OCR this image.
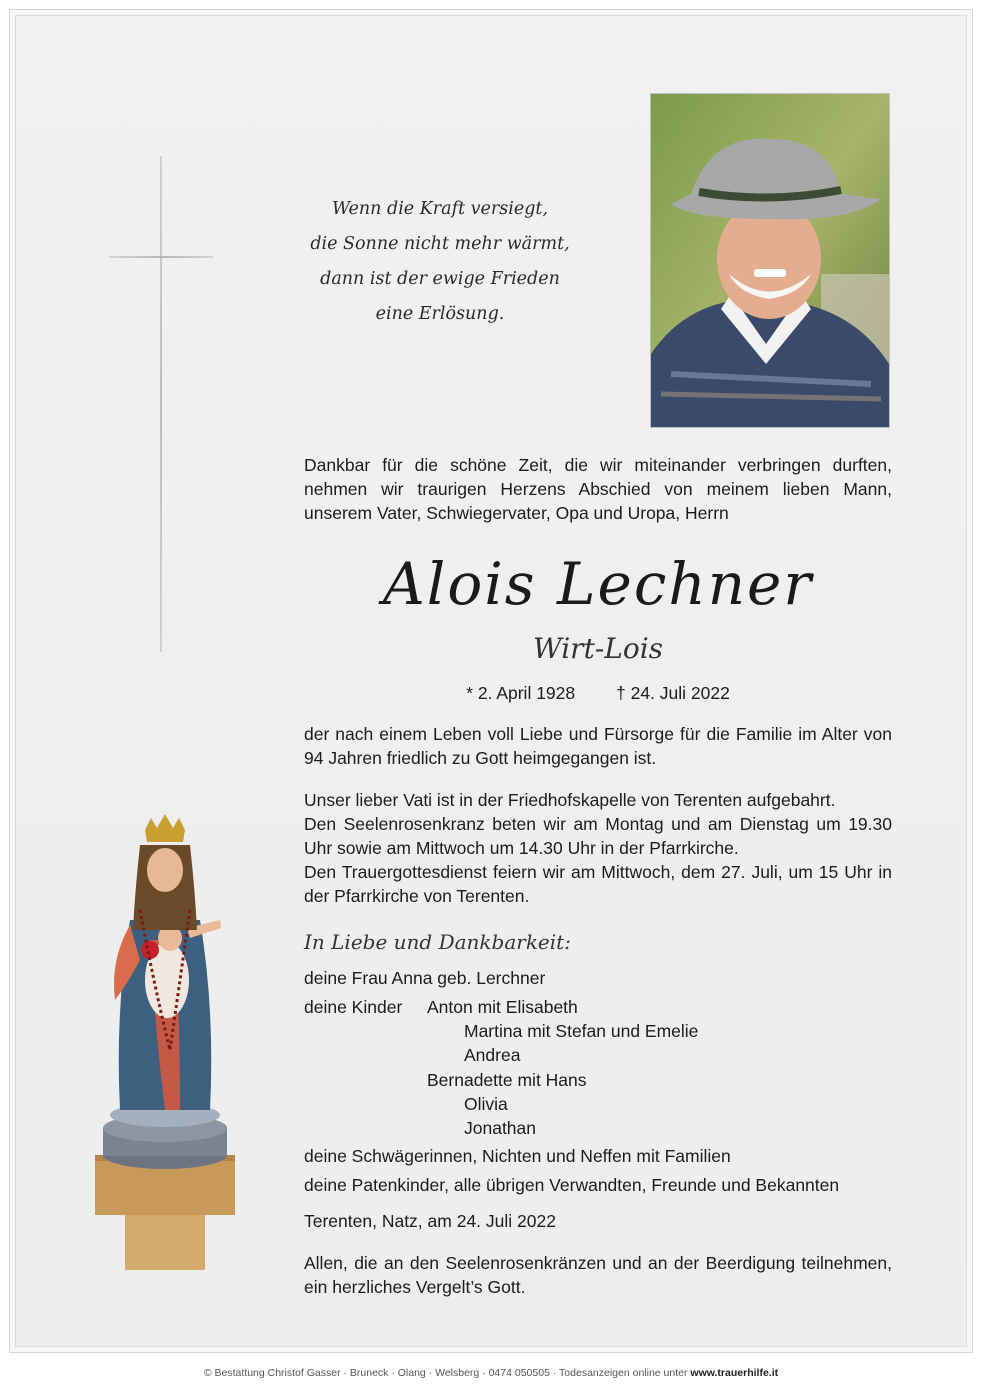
Wenn die Kraft versiegt,
die Sonne nicht mehr wärmt,
dann ist der ewige Frieden
eine Erlösung.
Dankbar für die schöne Zeit, die wir miteinander verbringen durften, nehmen wir traurigen Herzens Abschied von meinem lieben Mann, unserem Vater, Schwiegervater, Opa und Uropa, Herrn
Alois Lechner
Wirt-Lois
* 2. April 1928 † 24. Juli 2022
der nach einem Leben voll Liebe und Fürsorge für die Familie im Alter von 94 Jahren friedlich zu Gott heimgegangen ist.
Unser lieber Vati ist in der Friedhofskapelle von Terenten aufgebahrt.
Den Seelenrosenkranz beten wir am Montag und am Dienstag um 19.30 Uhr sowie am Mittwoch um 14.30 Uhr in der Pfarrkirche.
Den Trauergottesdienst feiern wir am Mittwoch, dem 27. Juli, um 15 Uhr in der Pfarrkirche von Terenten.
In Liebe und Dankbarkeit:
deine Frau Anna geb. Lerchner
deine Kinder Anton mit Elisabeth
Martina mit Stefan und Emelie
Andrea
Bernadette mit Hans
Olivia
Jonathan
deine Schwägerinnen, Nichten und Neffen mit Familien
deine Patenkinder, alle übrigen Verwandten, Freunde und Bekannten
Terenten, Natz, am 24. Juli 2022
Allen, die an den Seelenrosenkränzen und an der Beerdigung teilnehmen, ein herzliches Vergelt’s Gott.
© Bestattung Christof Gasser · Bruneck · Olang · Welsberg · 0474 050505 · Todesanzeigen online unter www.trauerhilfe.it
